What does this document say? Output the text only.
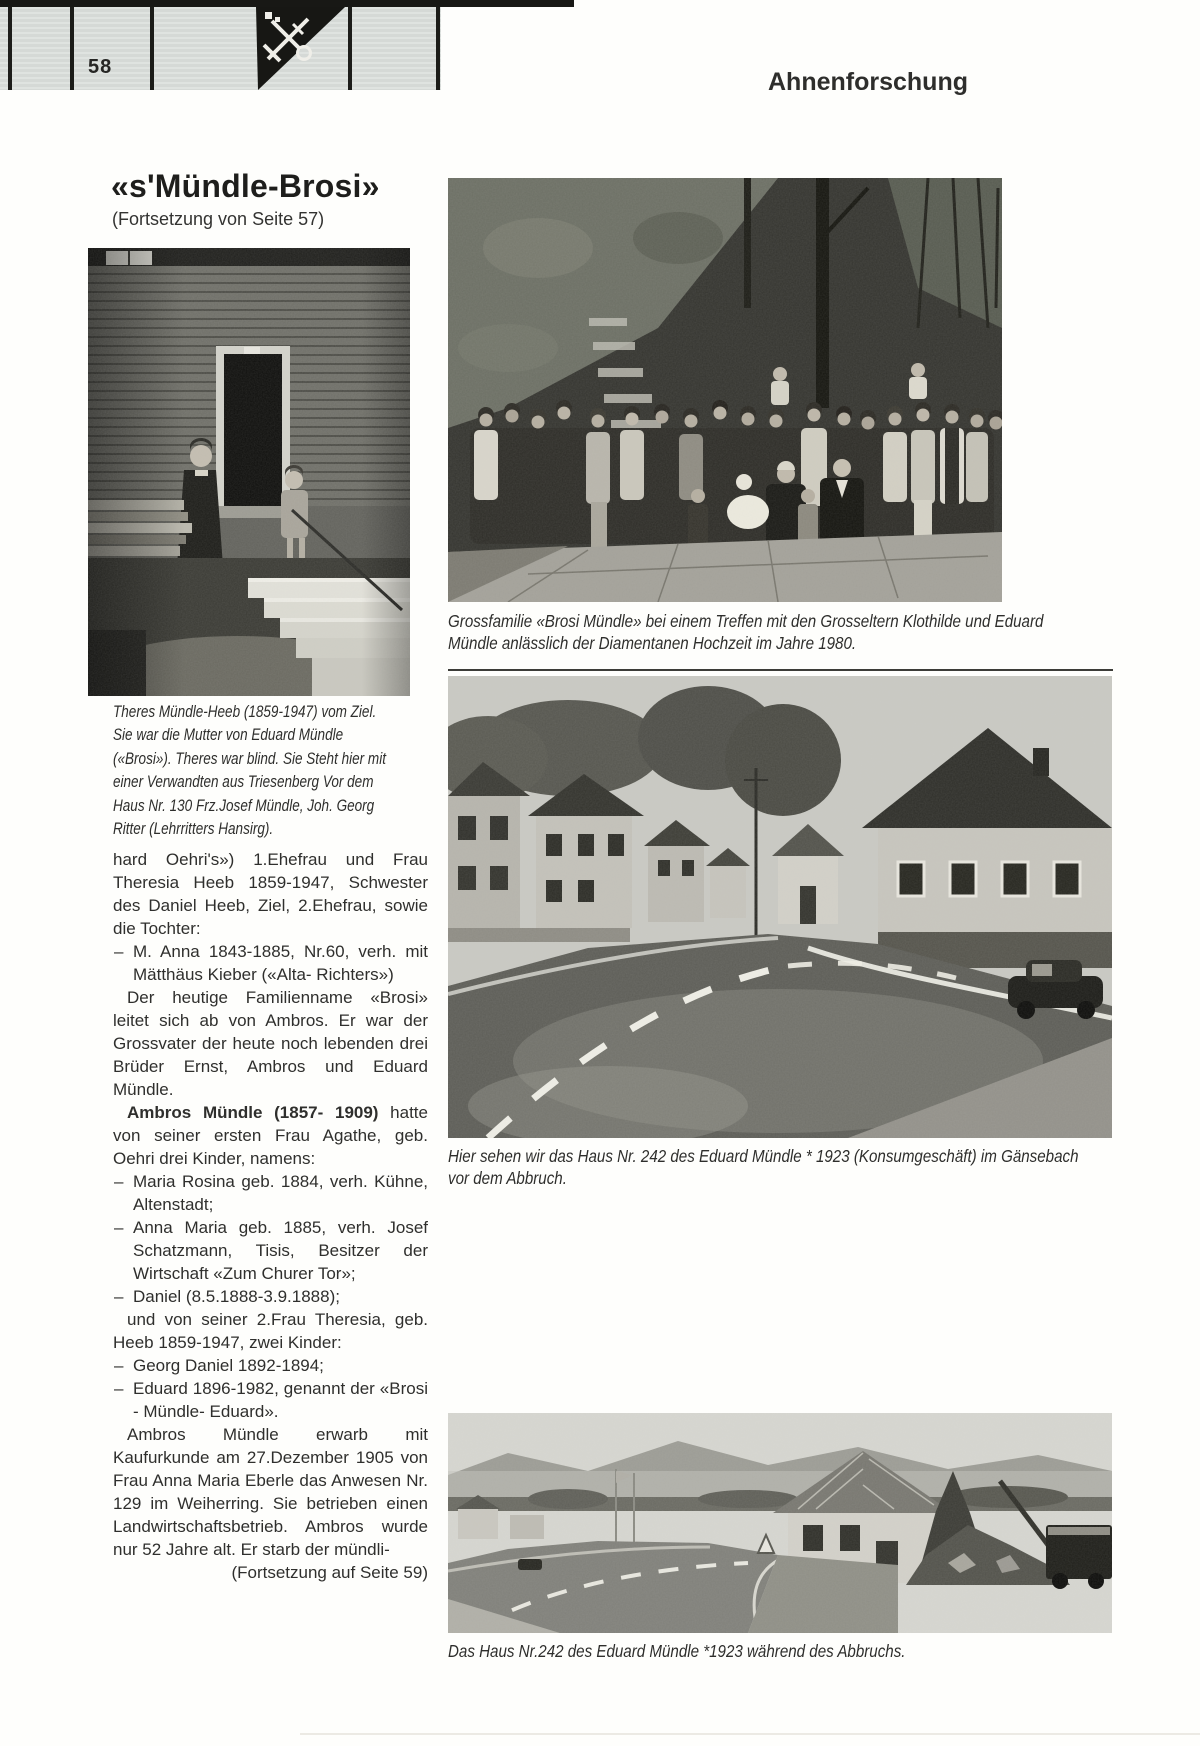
58
Ahnenforschung
«s'Mündle-Brosi»

(Fortsetzung von Seite 57)

Theres Mündle-Heeb (1859-1947) vom Ziel.
Sie war die Mutter von Eduard Mündle
(«Brosi»). Theres war blind. Sie Steht hier mit
einer Verwandten aus Triesenberg Vor dem
Haus Nr. 130 Frz.Josef Mündle, Joh. Georg
Ritter (Lehrritters Hansirg).

hard Oehri's») 1.Ehefrau und Frau Theresia Heeb 1859-1947, Schwester des Daniel Heeb, Ziel, 2.Ehefrau, sowie die Tochter:

– M. Anna 1843-1885, Nr.60, verh. mit Mätthäus Kieber («Alta- Richters»)

Der heutige Familienname «Brosi» leitet sich ab von Ambros. Er war der Grossvater der heute noch lebenden drei Brüder Ernst, Ambros und Eduard Mündle.

Ambros Mündle (1857- 1909) hatte von seiner ersten Frau Agathe, geb. Oehri drei Kinder, namens:

– Maria Rosina geb. 1884, verh. Kühne, Altenstadt;

– Anna Maria geb. 1885, verh. Josef Schatzmann, Tisis, Besitzer der Wirtschaft «Zum Churer Tor»;

– Daniel (8.5.1888-3.9.1888);

und von seiner 2.Frau Theresia, geb. Heeb 1859-1947, zwei Kinder:

– Georg Daniel 1892-1894;

– Eduard 1896-1982, genannt der «Brosi - Mündle- Eduard».

Ambros Mündle erwarb mit Kaufurkunde am 27.Dezember 1905 von Frau Anna Maria Eberle das Anwesen Nr. 129 im Weiherring. Sie betrieben einen Landwirtschaftsbetrieb. Ambros wurde nur 52 Jahre alt. Er starb der mündli-

(Fortsetzung auf Seite 59)

Grossfamilie «Brosi Mündle» bei einem Treffen mit den Grosseltern Klothilde und Eduard
Mündle anlässlich der Diamentanen Hochzeit im Jahre 1980.
Hier sehen wir das Haus Nr. 242 des Eduard Mündle * 1923 (Konsumgeschäft) im Gänsebach
vor dem Abbruch.
Das Haus Nr.242 des Eduard Mündle *1923 während des Abbruchs.
